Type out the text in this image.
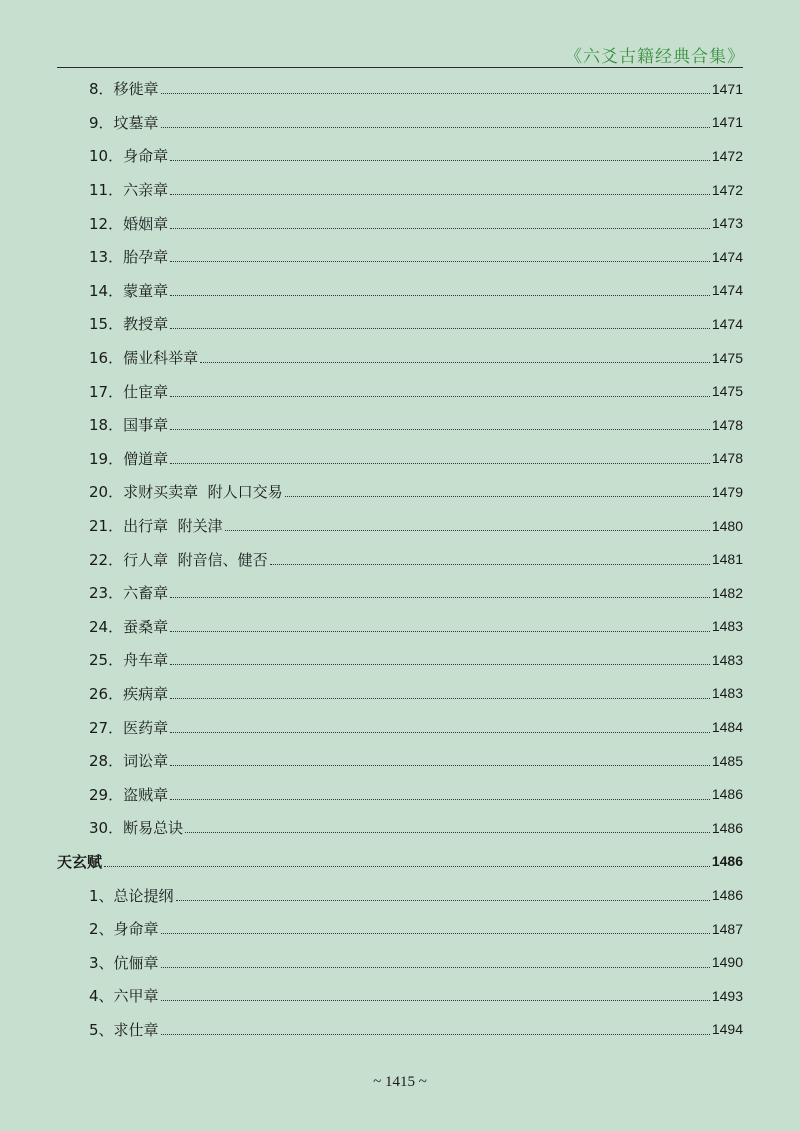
《六爻古籍经典合集》
8．移徙章	1471
9．坟墓章	1471
10．身命章	1472
11．六亲章	1472
12．婚姻章	1473
13．胎孕章	1474
14．蒙童章	1474
15．教授章	1474
16．儒业科举章	1475
17．仕宦章	1475
18．国事章	1478
19．僧道章	1478
20．求财买卖章  附人口交易	1479
21．出行章  附关津	1480
22．行人章  附音信、健否	1481
23．六畜章	1482
24．蚕桑章	1483
25．舟车章	1483
26．疾病章	1483
27．医药章	1484
28．词讼章	1485
29．盗贼章	1486
30．断易总诀	1486
天玄赋	1486
1、总论提纲	1486
2、身命章	1487
3、伉俪章	1490
4、六甲章	1493
5、求仕章	1494
~ 1415 ~
